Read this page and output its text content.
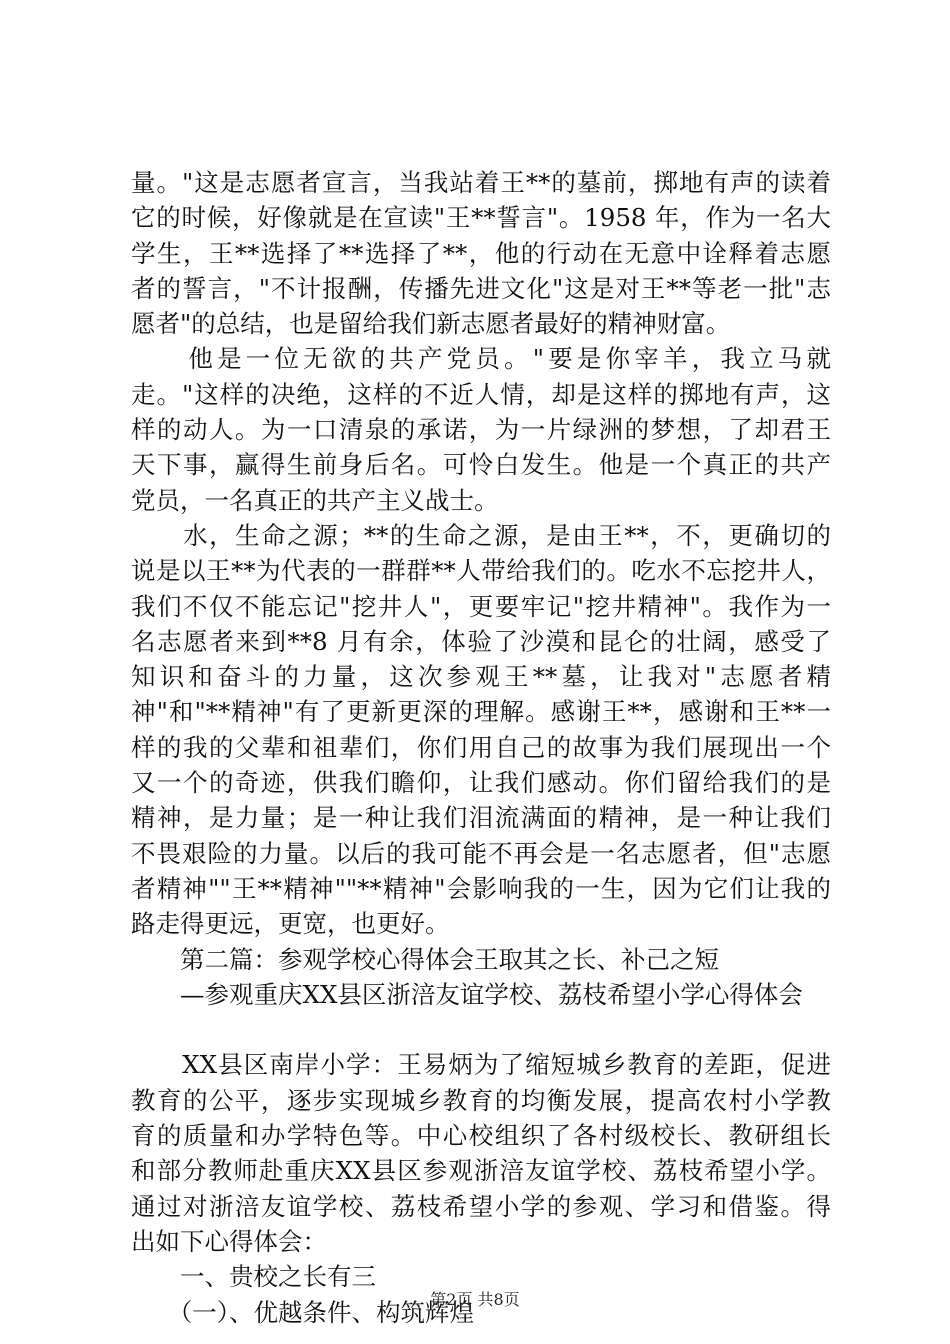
量。"这是志愿者宣言，当我站着王**的墓前，掷地有声的读着
它的时候，好像就是在宣读"王**誓言"。1958 年，作为一名大
学生，王**选择了**选择了**，他的行动在无意中诠释着志愿
者的誓言，"不计报酬，传播先进文化"这是对王**等老一批"志
愿者"的总结，也是留给我们新志愿者最好的精神财富。
　　他是一位无欲的共产党员。"要是你宰羊，我立马就
走。"这样的决绝，这样的不近人情，却是这样的掷地有声，这
样的动人。为一口清泉的承诺，为一片绿洲的梦想，了却君王
天下事，赢得生前身后名。可怜白发生。他是一个真正的共产
党员，一名真正的共产主义战士。
　　水，生命之源；**的生命之源，是由王**，不，更确切的
说是以王**为代表的一群群**人带给我们的。吃水不忘挖井人，
我们不仅不能忘记"挖井人"，更要牢记"挖井精神"。我作为一
名志愿者来到**8 月有余，体验了沙漠和昆仑的壮阔，感受了
知识和奋斗的力量，这次参观王**墓，让我对"志愿者精
神"和"**精神"有了更新更深的理解。感谢王**，感谢和王**一
样的我的父辈和祖辈们，你们用自己的故事为我们展现出一个
又一个的奇迹，供我们瞻仰，让我们感动。你们留给我们的是
精神，是力量；是一种让我们泪流满面的精神，是一种让我们
不畏艰险的力量。以后的我可能不再会是一名志愿者，但"志愿
者精神""王**精神""**精神"会影响我的一生，因为它们让我的
路走得更远，更宽，也更好。
　　第二篇：参观学校心得体会王取其之长、补己之短
　　—参观重庆XX县区浙涪友谊学校、荔枝希望小学心得体会
　　XX县区南岸小学：王易炳为了缩短城乡教育的差距，促进
教育的公平，逐步实现城乡教育的均衡发展，提高农村小学教
育的质量和办学特色等。中心校组织了各村级校长、教研组长
和部分教师赴重庆XX县区参观浙涪友谊学校、荔枝希望小学。
通过对浙涪友谊学校、荔枝希望小学的参观、学习和借鉴。得
出如下心得体会：
　　一、贵校之长有三
　　（一）、优越条件、构筑辉煌
第2页 共8页
